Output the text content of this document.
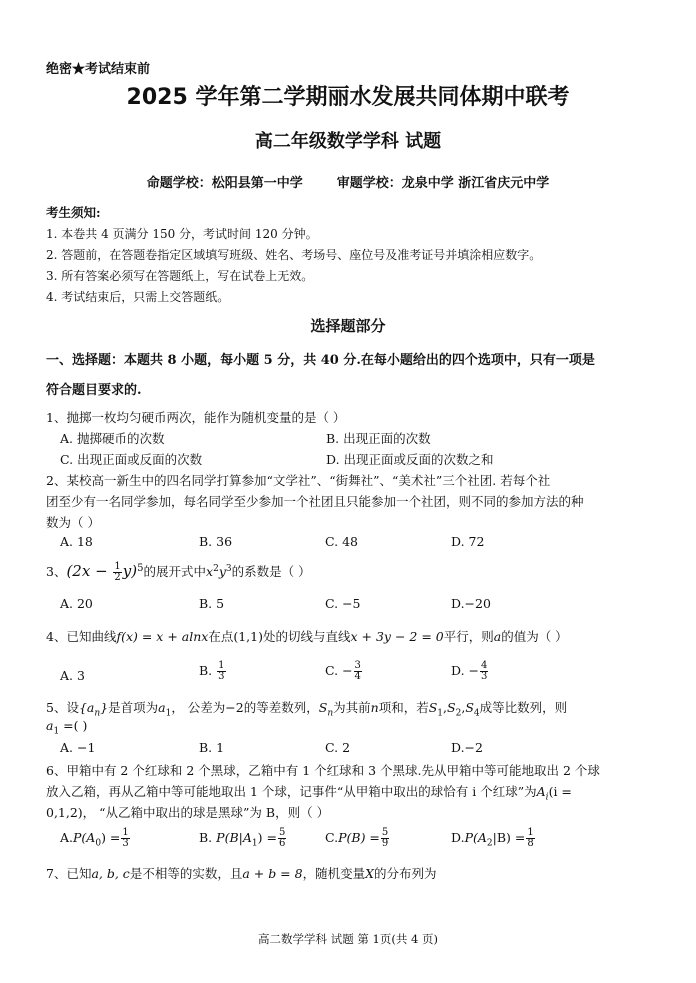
绝密★考试结束前
2025 学年第二学期丽水发展共同体期中联考
高二年级数学学科 试题
命题学校：松阳县第一中学	审题学校：龙泉中学 浙江省庆元中学
考生须知:
1. 本卷共 4 页满分 150 分，考试时间 120 分钟。
2. 答题前，在答题卷指定区域填写班级、姓名、考场号、座位号及准考证号并填涂相应数字。
3. 所有答案必须写在答题纸上，写在试卷上无效。
4. 考试结束后，只需上交答题纸。
选择题部分
一、选择题：本题共 8 小题，每小题 5 分，共 40 分.在每小题给出的四个选项中，只有一项是
符合题目要求的.
1、抛掷一枚均匀硬币两次，能作为随机变量的是（ ）
A. 抛掷硬币的次数	B. 出现正面的次数
C. 出现正面或反面的次数	D. 出现正面或反面的次数之和
2、某校高一新生中的四名同学打算参加“文学社”、“街舞社”、“美术社”三个社团. 若每个社
团至少有一名同学参加，每名同学至少参加一个社团且只能参加一个社团，则不同的参加方法的种
数为（ ）
A. 18	B. 36	C. 48	D. 72
3、$(2x - \frac{1}{2} y)^5$的展开式中$x^2y^3$的系数是（ ）
A. 20	B. 5	C. −5	D.−20
4、已知曲线f(x) = x + alnx在点(1,1)处的切线与直线x + 3y − 2 = 0平行，则a的值为（ ）
A. 3	B. $\frac{1}{3}$	C. − $\frac{3}{4}$	D. − $\frac{4}{3}$
5、设$\{a_n\}$是首项为$a_1$， 公差为−2的等差数列，$S_n$为其前n项和，若$S_1,S_2,S_4$成等比数列，则
$a_1$ =( )
A. −1	B. 1	C. 2	D.−2
6、甲箱中有 2 个红球和 2 个黑球，乙箱中有 1 个红球和 3 个黑球.先从甲箱中等可能地取出 2 个球
放入乙箱，再从乙箱中等可能地取出 1 个球，记事件“从甲箱中取出的球恰有 i 个红球”为$A_i(i$ =
0,1,2)， “从乙箱中取出的球是黑球”为 B，则（ ）
$A.P(A_0) = \frac{1}{3}$	B. $P(B|A_1) = \frac{5}{6}$	$C.P(B) = \frac{5}{9}$	$D.P(A_2|B) = \frac{1}{8}$
7、已知a, b, c是不相等的实数，且a + b = 8，随机变量X的分布列为
高二数学学科 试题 第 1页(共 4 页)
